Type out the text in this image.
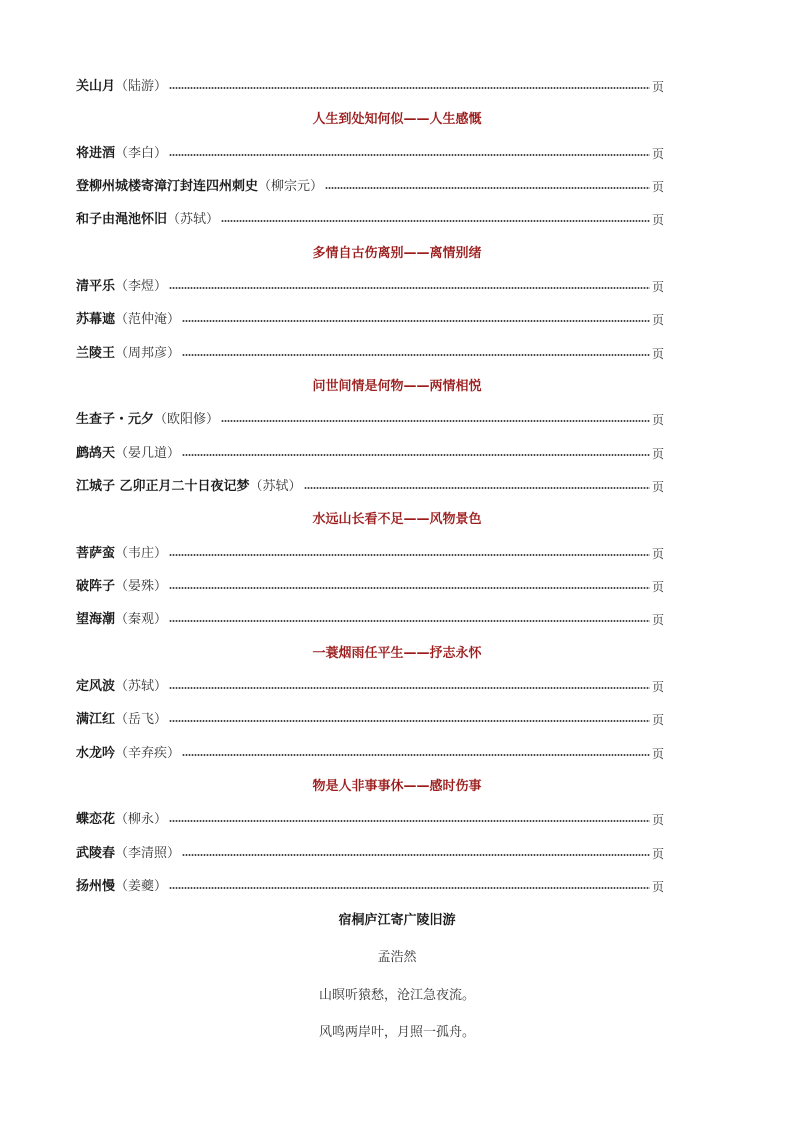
关山月 （陆游）	页
人生到处知何似——人生感慨
将进酒 （李白）	页
登柳州城楼寄漳汀封连四州刺史 （柳宗元）	页
和子由渑池怀旧 （苏轼）	页
多情自古伤离别——离情别绪
清平乐 （李煜）	页
苏幕遮 （范仲淹）	页
兰陵王 （周邦彦）	页
问世间情是何物——两情相悦
生查子・元夕 （欧阳修）	页
鹧鸪天 （晏几道）	页
江城子 乙卯正月二十日夜记梦 （苏轼）	页
水远山长看不足——风物景色
菩萨蛮 （韦庄）	页
破阵子 （晏殊）	页
望海潮 （秦观）	页
一蓑烟雨任平生——抒志永怀
定风波 （苏轼）	页
满江红 （岳飞）	页
水龙吟 （辛弃疾）	页
物是人非事事休——感时伤事
蝶恋花 （柳永）	页
武陵春 （李清照）	页
扬州慢 （姜夔）	页
宿桐庐江寄广陵旧游
孟浩然
山暝听猿愁，沧江急夜流。
风鸣两岸叶，月照一孤舟。
